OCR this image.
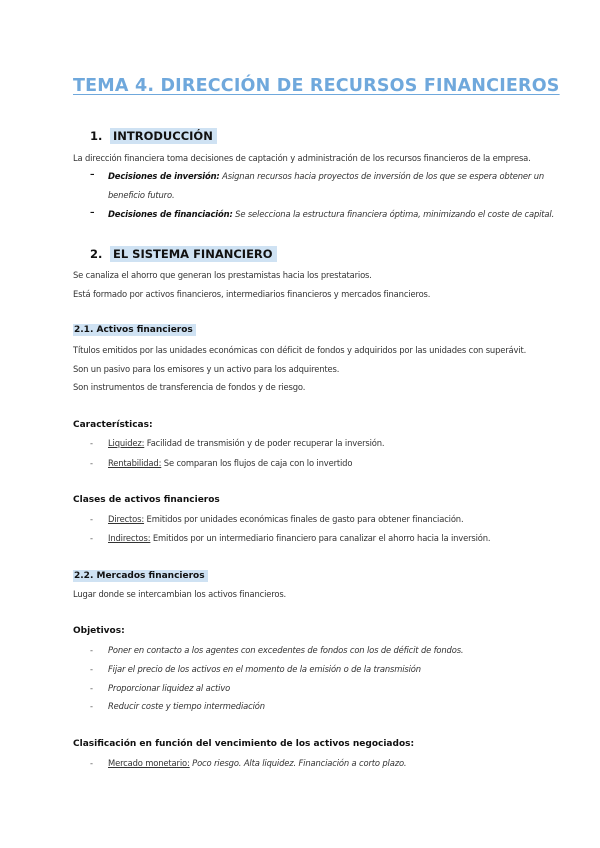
TEMA 4. DIRECCIÓN DE RECURSOS FINANCIEROS
1. INTRODUCCIÓN
La dirección financiera toma decisiones de captación y administración de los recursos financieros de la empresa.
– Decisiones de inversión: Asignan recursos hacia proyectos de inversión de los que se espera obtener un
beneficio futuro.
– Decisiones de financiación: Se selecciona la estructura financiera óptima, minimizando el coste de capital.
2. EL SISTEMA FINANCIERO
Se canaliza el ahorro que generan los prestamistas hacia los prestatarios.
Está formado por activos financieros, intermediarios financieros y mercados financieros.
2.1. Activos financieros
Títulos emitidos por las unidades económicas con déficit de fondos y adquiridos por las unidades con superávit.
Son un pasivo para los emisores y un activo para los adquirentes.
Son instrumentos de transferencia de fondos y de riesgo.
Características:
- Liquidez: Facilidad de transmisión y de poder recuperar la inversión.
- Rentabilidad: Se comparan los flujos de caja con lo invertido
Clases de activos financieros
- Directos: Emitidos por unidades económicas finales de gasto para obtener financiación.
- Indirectos: Emitidos por un intermediario financiero para canalizar el ahorro hacia la inversión.
2.2. Mercados financieros
Lugar donde se intercambian los activos financieros.
Objetivos:
- Poner en contacto a los agentes con excedentes de fondos con los de déficit de fondos.
- Fijar el precio de los activos en el momento de la emisión o de la transmisión
- Proporcionar liquidez al activo
- Reducir coste y tiempo intermediación
Clasificación en función del vencimiento de los activos negociados:
- Mercado monetario: Poco riesgo. Alta liquidez. Financiación a corto plazo.
